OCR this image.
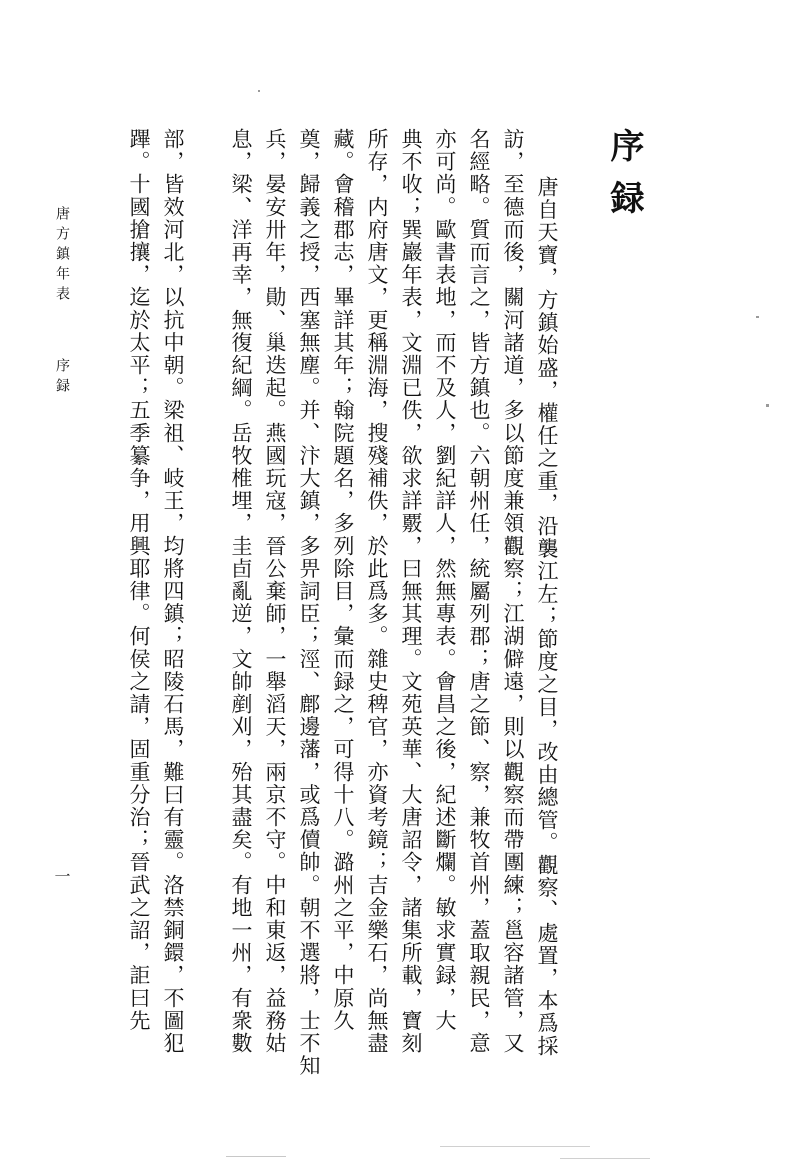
序録
唐自天寶，方鎮始盛，權任之重，沿襲江左；節度之目，改由總管。觀察、處置，本爲採
訪，至德而後，關河諸道，多以節度兼領觀察；江湖僻遠，則以觀察而帶團練；邕容諸管，又
名經略。質而言之，皆方鎮也。六朝州任，統屬列郡；唐之節、察，兼牧首州，蓋取親民，意
亦可尚。歐書表地，而不及人，劉紀詳人，然無專表。會昌之後，紀述斷爛。敏求實録，大
典不收；巽巖年表，文淵已佚，欲求詳覈，曰無其理。文苑英華、大唐詔令，諸集所載，寶刻
所存，内府唐文，更稱淵海，搜殘補佚，於此爲多。雜史稗官，亦資考鏡；吉金樂石，尚無盡
藏。會稽郡志，畢詳其年；翰院題名，多列除目，彙而録之，可得十八。潞州之平，中原久
奠，歸義之授，西塞無塵。并、汴大鎮，多畀詞臣；涇、鄜邊藩，或爲儥帥。朝不選將，士不知
兵，晏安卅年，勛、巢迭起。燕國玩寇，晉公棄師，一舉滔天，兩京不守。中和東返，益務姑
息，梁、洋再幸，無復紀綱。岳牧椎埋，圭卣亂逆，文帥剷刈，殆其盡矣。有地一州，有衆數
部，皆效河北，以抗中朝。梁祖、岐王，均將四鎮；昭陵石馬，難曰有靈。洛禁銅鐶，不圖犯
蹕。十國搶攘，迄於太平；五季纂争，用興耶律。何侯之請，固重分治；晉武之詔，詎曰先
唐方鎮年表
序録
一
